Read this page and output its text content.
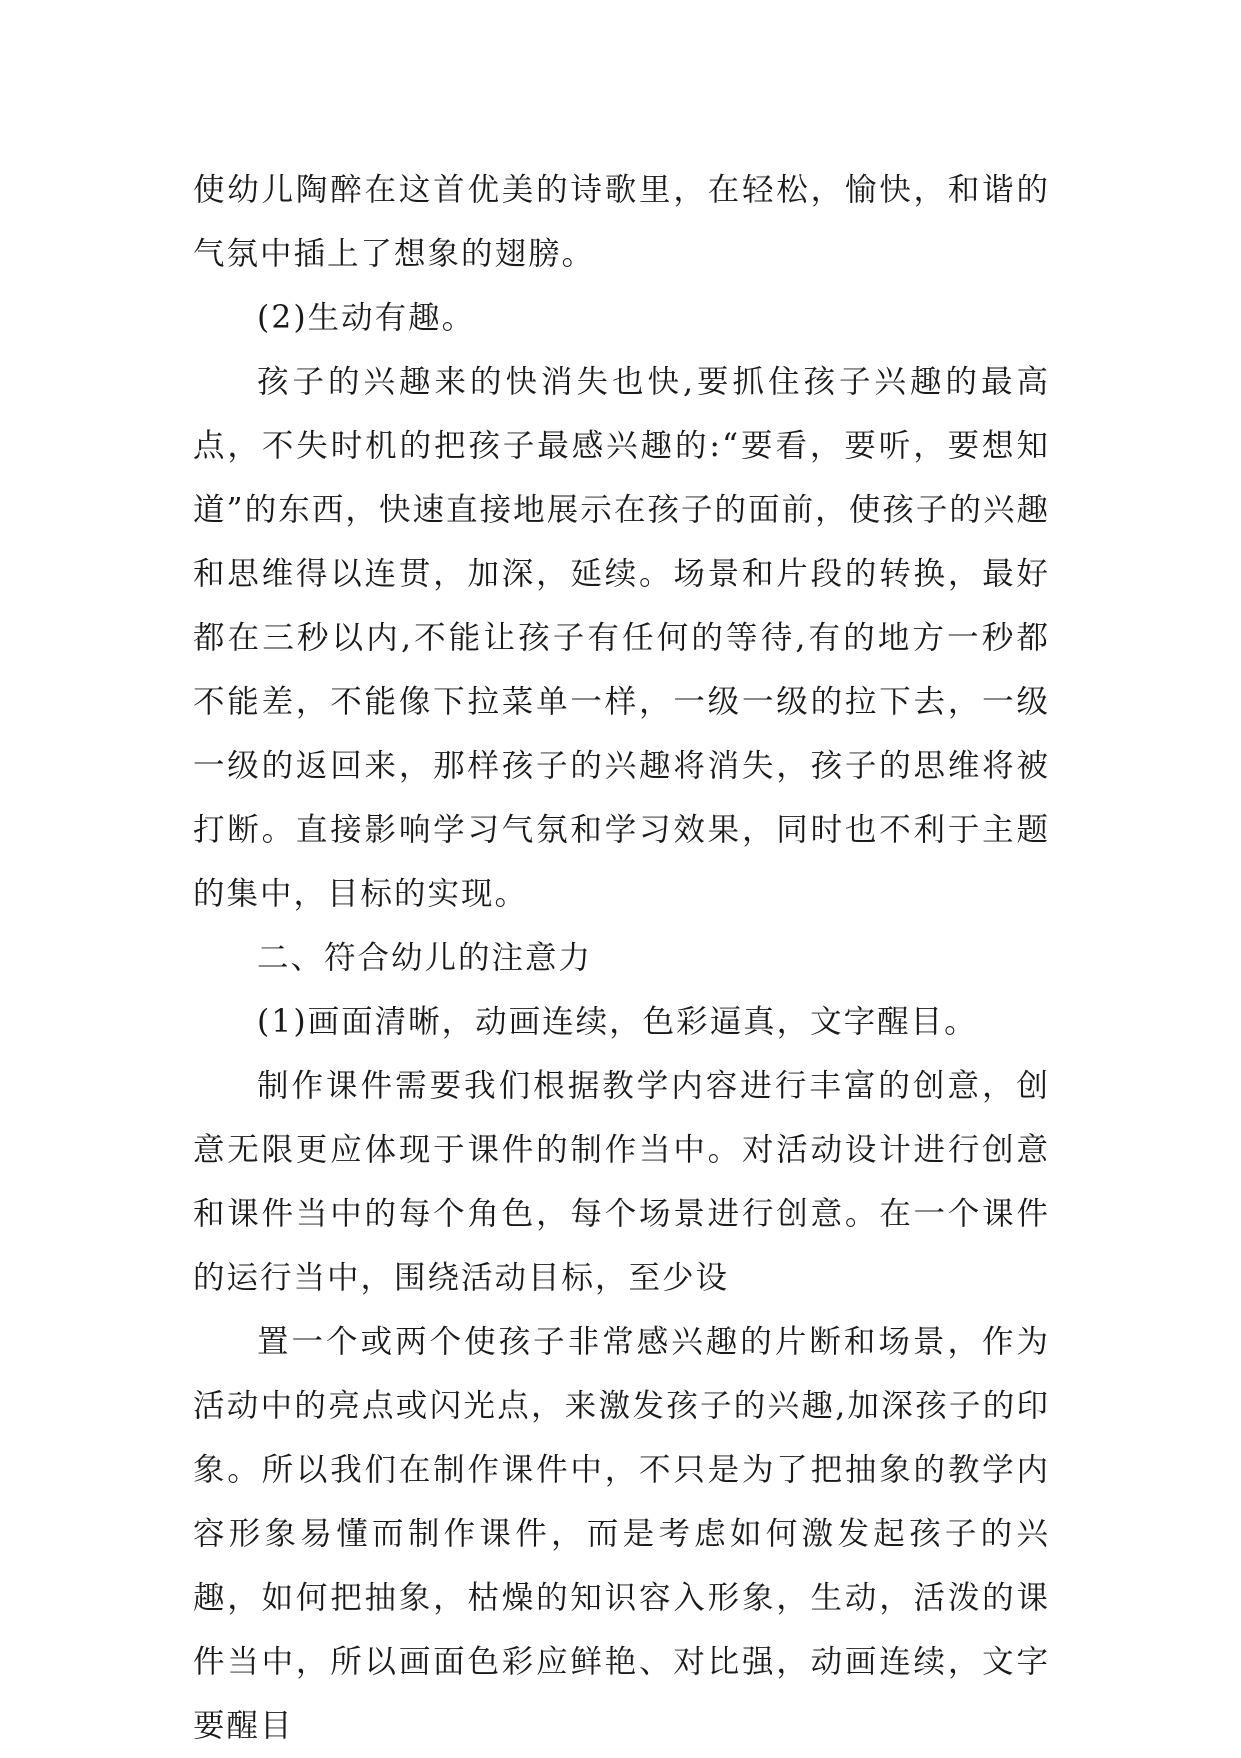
使幼儿陶醉在这首优美的诗歌里，在轻松，愉快，和谐的气氛中插上了想象的翅膀。

(2)生动有趣。

孩子的兴趣来的快消失也快,要抓住孩子兴趣的最高点，不失时机的把孩子最感兴趣的:“要看，要听，要想知道”的东西，快速直接地展示在孩子的面前，使孩子的兴趣和思维得以连贯，加深，延续。场景和片段的转换，最好都在三秒以内,不能让孩子有任何的等待,有的地方一秒都不能差，不能像下拉菜单一样，一级一级的拉下去，一级一级的返回来，那样孩子的兴趣将消失，孩子的思维将被打断。直接影响学习气氛和学习效果，同时也不利于主题的集中，目标的实现。

二、符合幼儿的注意力

(1)画面清晰，动画连续，色彩逼真，文字醒目。

制作课件需要我们根据教学内容进行丰富的创意，创意无限更应体现于课件的制作当中。对活动设计进行创意和课件当中的每个角色，每个场景进行创意。在一个课件的运行当中，围绕活动目标，至少设

置一个或两个使孩子非常感兴趣的片断和场景，作为活动中的亮点或闪光点，来激发孩子的兴趣,加深孩子的印象。所以我们在制作课件中，不只是为了把抽象的教学内容形象易懂而制作课件，而是考虑如何激发起孩子的兴趣，如何把抽象，枯燥的知识容入形象，生动，活泼的课件当中，所以画面色彩应鲜艳、对比强，动画连续，文字要醒目
